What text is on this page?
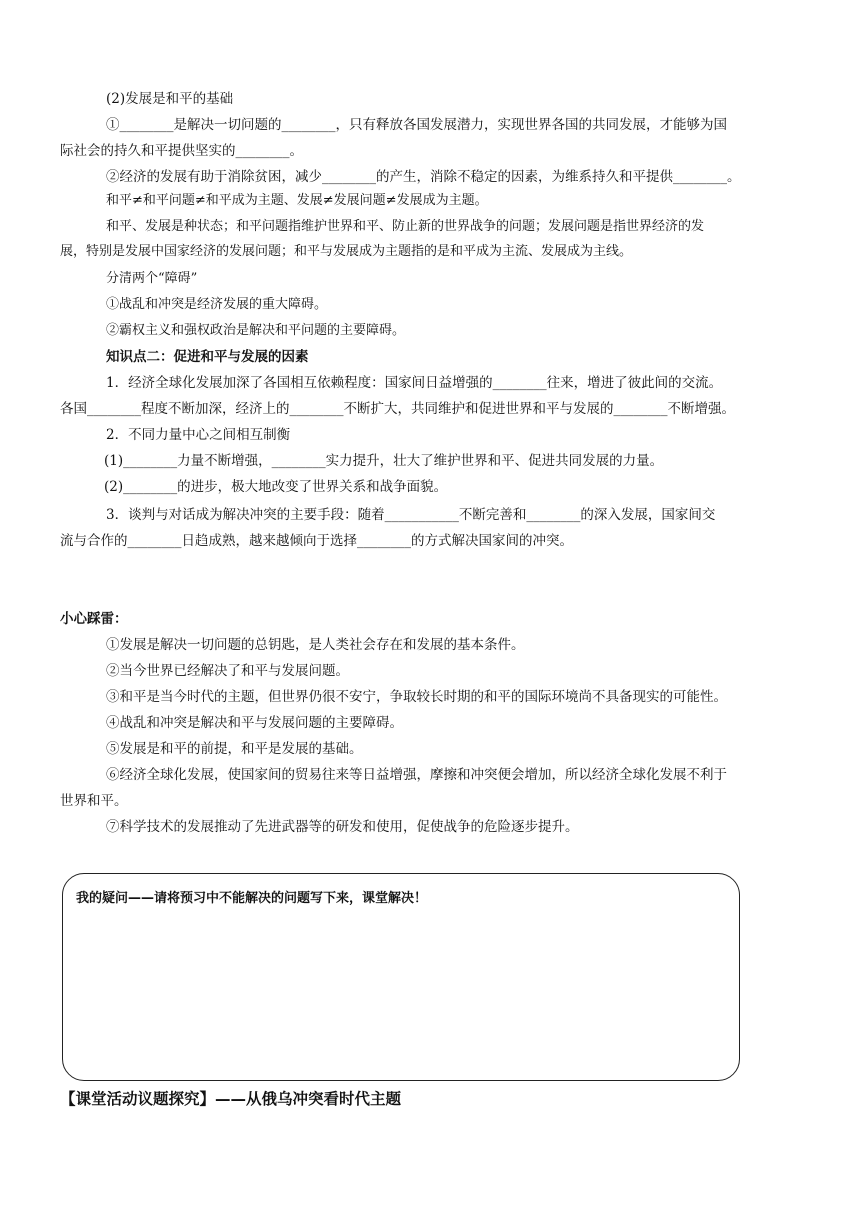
(2)发展是和平的基础
①________是解决一切问题的________，只有释放各国发展潜力，实现世界各国的共同发展，才能够为国
际社会的持久和平提供坚实的________。
②经济的发展有助于消除贫困，减少________的产生，消除不稳定的因素，为维系持久和平提供________。
和平≠和平问题≠和平成为主题、发展≠发展问题≠发展成为主题。
和平、发展是种状态；和平问题指维护世界和平、防止新的世界战争的问题；发展问题是指世界经济的发
展，特别是发展中国家经济的发展问题；和平与发展成为主题指的是和平成为主流、发展成为主线。
分清两个“障碍”
①战乱和冲突是经济发展的重大障碍。
②霸权主义和强权政治是解决和平问题的主要障碍。
知识点二：促进和平与发展的因素
1．经济全球化发展加深了各国相互依赖程度：国家间日益增强的________往来，增进了彼此间的交流。
各国________程度不断加深，经济上的________不断扩大，共同维护和促进世界和平与发展的________不断增强。
2．不同力量中心之间相互制衡
(1)________力量不断增强，________实力提升，壮大了维护世界和平、促进共同发展的力量。
(2)________的进步，极大地改变了世界关系和战争面貌。
3．谈判与对话成为解决冲突的主要手段：随着___________不断完善和________的深入发展，国家间交
流与合作的________日趋成熟，越来越倾向于选择________的方式解决国家间的冲突。
小心踩雷：
①发展是解决一切问题的总钥匙，是人类社会存在和发展的基本条件。
②当今世界已经解决了和平与发展问题。
③和平是当今时代的主题，但世界仍很不安宁，争取较长时期的和平的国际环境尚不具备现实的可能性。
④战乱和冲突是解决和平与发展问题的主要障碍。
⑤发展是和平的前提，和平是发展的基础。
⑥经济全球化发展，使国家间的贸易往来等日益增强，摩擦和冲突便会增加，所以经济全球化发展不利于
世界和平。
⑦科学技术的发展推动了先进武器等的研发和使用，促使战争的危险逐步提升。
我的疑问——请将预习中不能解决的问题写下来，课堂解决！
【课堂活动议题探究】——从俄乌冲突看时代主题
